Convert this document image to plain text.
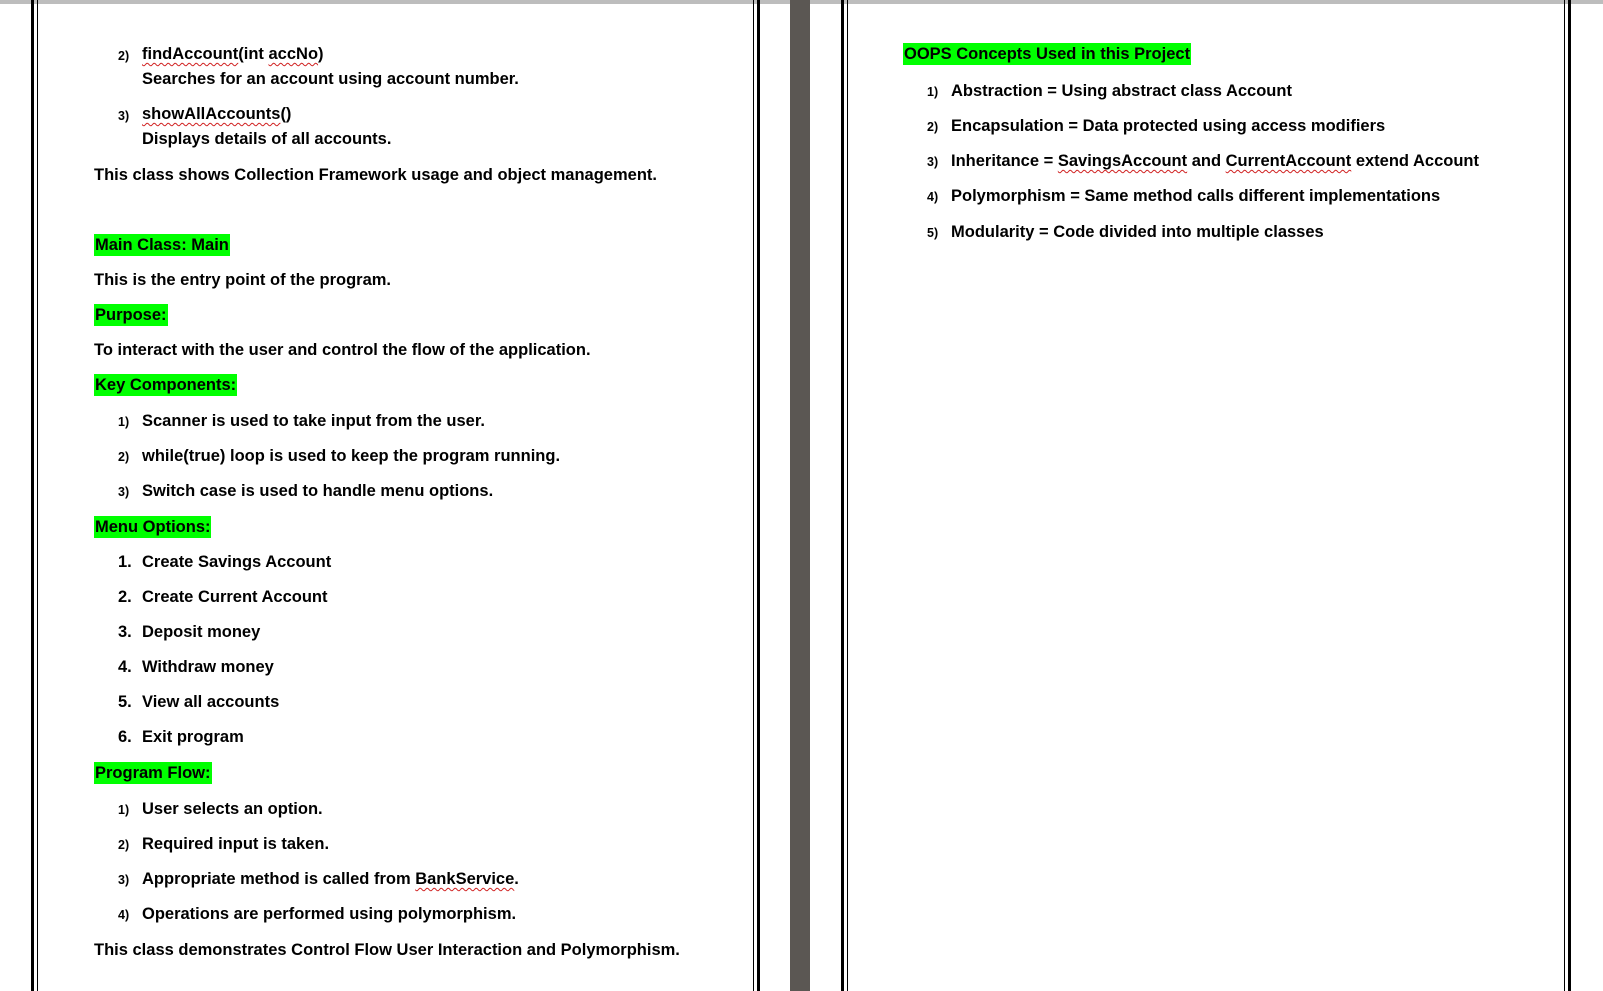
2) findAccount(int accNo)
Searches for an account using account number.
3) showAllAccounts()
Displays details of all accounts.
This class shows Collection Framework usage and object management.
Main Class: Main
This is the entry point of the program.
Purpose:
To interact with the user and control the flow of the application.
Key Components:
1) Scanner is used to take input from the user.
2) while(true) loop is used to keep the program running.
3) Switch case is used to handle menu options.
Menu Options:
1. Create Savings Account
2. Create Current Account
3. Deposit money
4. Withdraw money
5. View all accounts
6. Exit program
Program Flow:
1) User selects an option.
2) Required input is taken.
3) Appropriate method is called from BankService.
4) Operations are performed using polymorphism.
This class demonstrates Control Flow User Interaction and Polymorphism.
OOPS Concepts Used in this Project
1) Abstraction = Using abstract class Account
2) Encapsulation = Data protected using access modifiers
3) Inheritance = SavingsAccount and CurrentAccount extend Account
4) Polymorphism = Same method calls different implementations
5) Modularity = Code divided into multiple classes
